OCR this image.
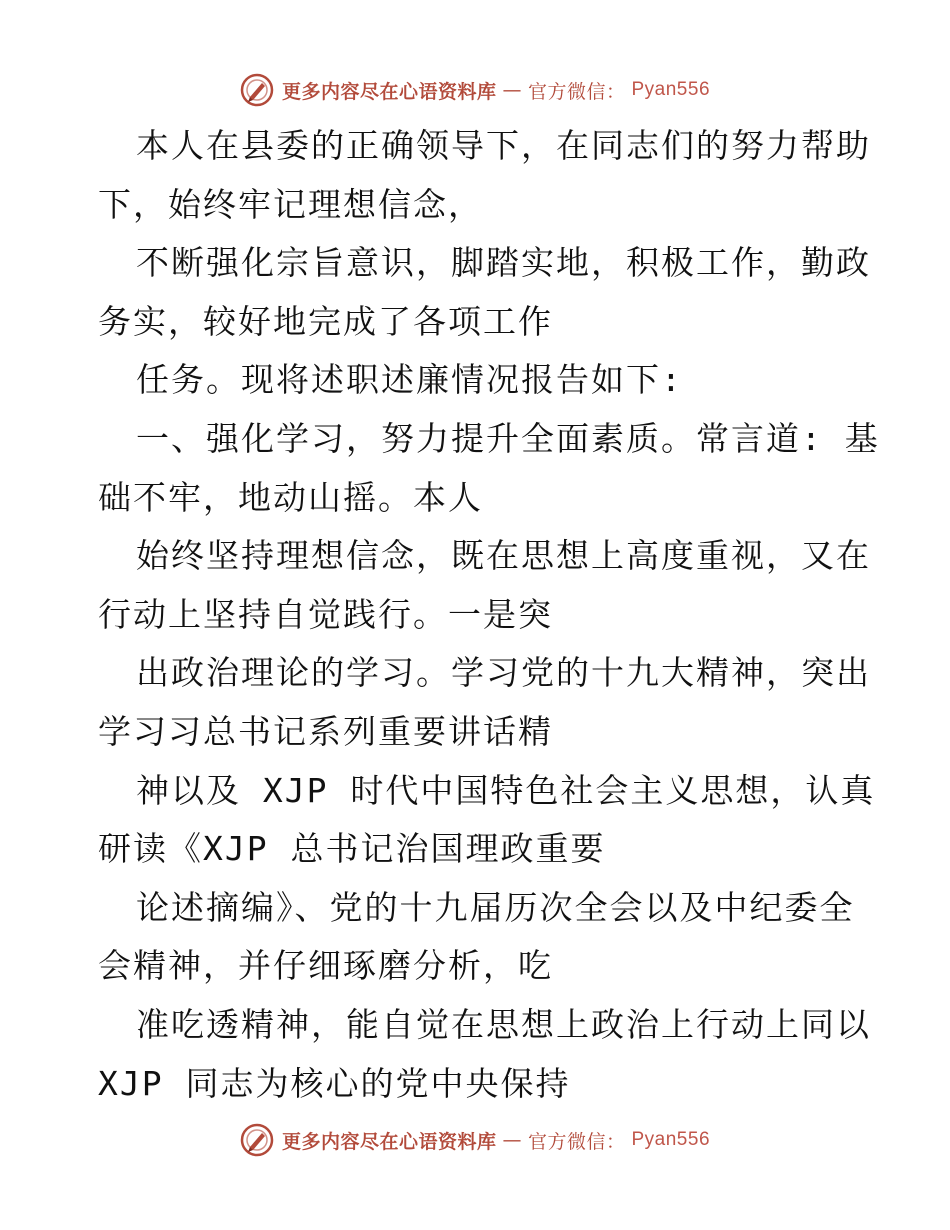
更多内容尽在心语资料库 — 官方微信： Pyan556
本人在县委的正确领导下，在同志们的努力帮助
下，始终牢记理想信念，
不断强化宗旨意识，脚踏实地，积极工作，勤政
务实，较好地完成了各项工作
任务。现将述职述廉情况报告如下:
一、强化学习，努力提升全面素质。常言道: 基
础不牢，地动山摇。本人
始终坚持理想信念，既在思想上高度重视，又在
行动上坚持自觉践行。一是突
出政治理论的学习。学习党的十九大精神，突出
学习习总书记系列重要讲话精
神以及 XJP 时代中国特色社会主义思想，认真
研读《XJP 总书记治国理政重要
论述摘编》、党的十九届历次全会以及中纪委全
会精神，并仔细琢磨分析，吃
准吃透精神，能自觉在思想上政治上行动上同以
XJP 同志为核心的党中央保持
更多内容尽在心语资料库 — 官方微信： Pyan556
